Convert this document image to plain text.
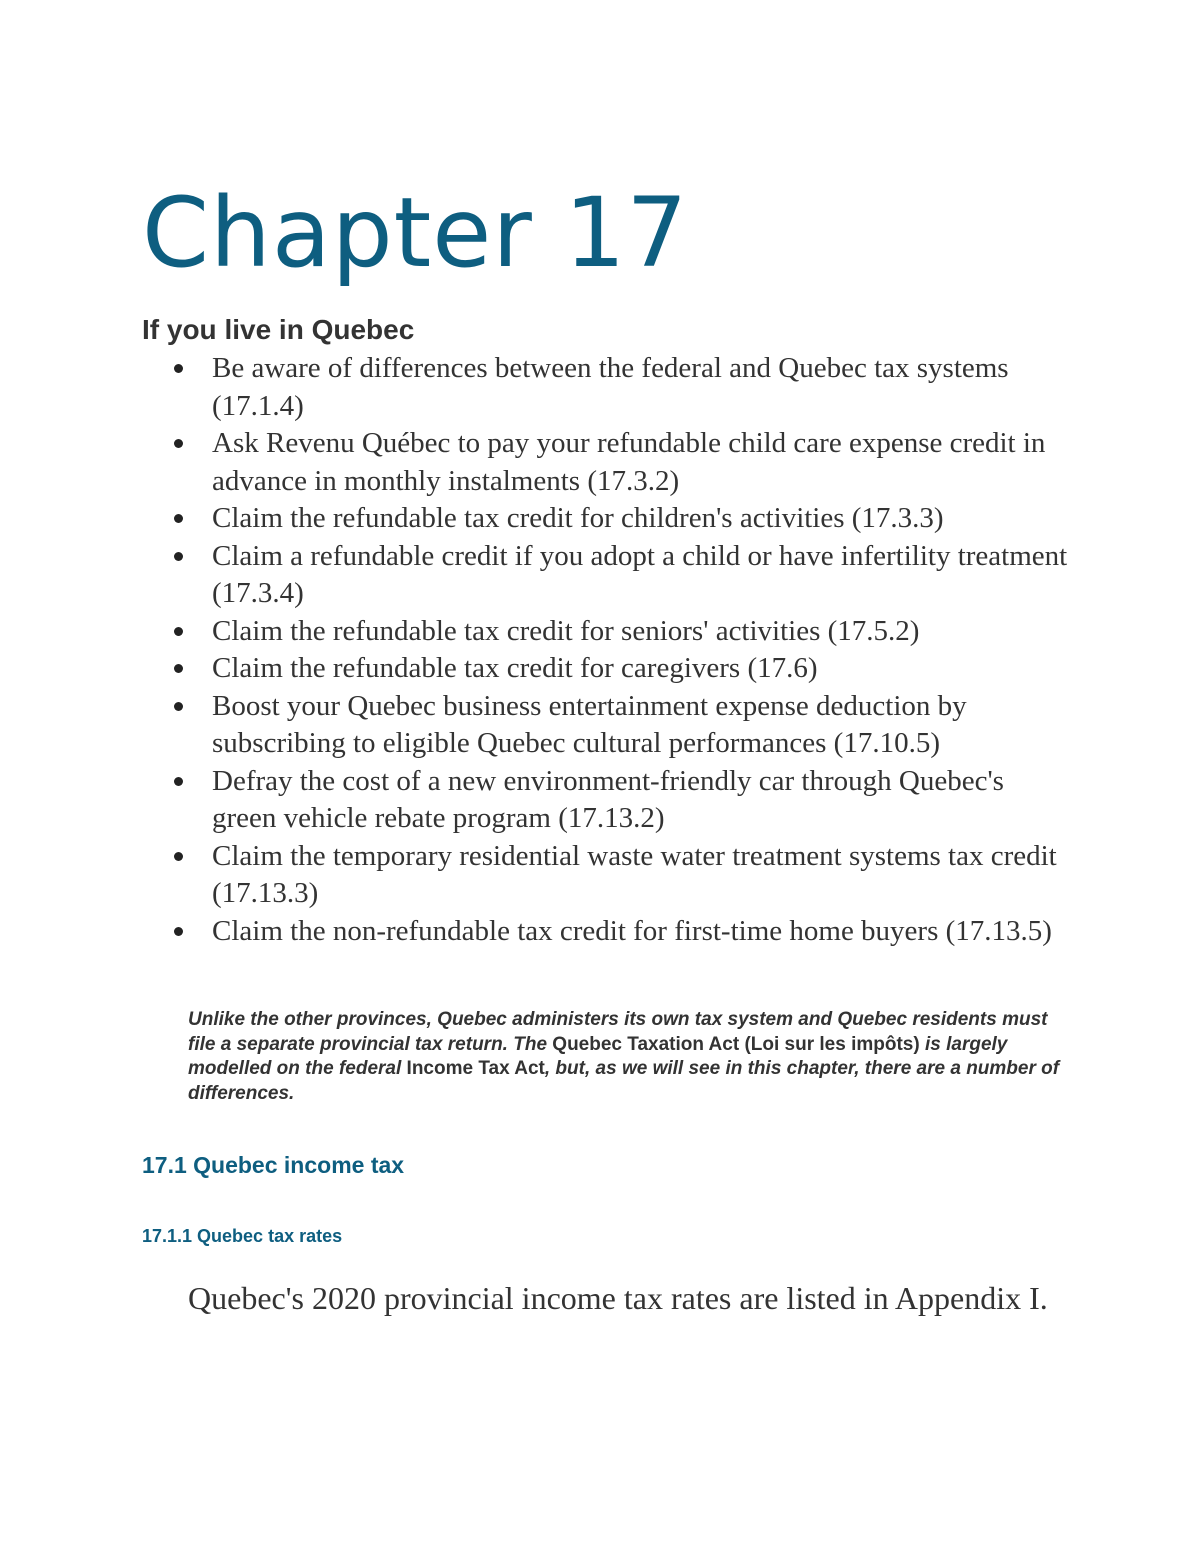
Chapter 17
If you live in Quebec
Be aware of differences between the federal and Quebec tax systems (17.1.4)
Ask Revenu Québec to pay your refundable child care expense credit in advance in monthly instalments (17.3.2)
Claim the refundable tax credit for children's activities (17.3.3)
Claim a refundable credit if you adopt a child or have infertility treatment (17.3.4)
Claim the refundable tax credit for seniors' activities (17.5.2)
Claim the refundable tax credit for caregivers (17.6)
Boost your Quebec business entertainment expense deduction by subscribing to eligible Quebec cultural performances (17.10.5)
Defray the cost of a new environment-friendly car through Quebec's green vehicle rebate program (17.13.2)
Claim the temporary residential waste water treatment systems tax credit (17.13.3)
Claim the non-refundable tax credit for first-time home buyers (17.13.5)

Unlike the other provinces, Quebec administers its own tax system and Quebec residents must file a separate provincial tax return. The Quebec Taxation Act (Loi sur les impôts) is largely modelled on the federal Income Tax Act, but, as we will see in this chapter, there are a number of differences.

17.1 Quebec income tax
17.1.1 Quebec tax rates

Quebec's 2020 provincial income tax rates are listed in Appendix I.
